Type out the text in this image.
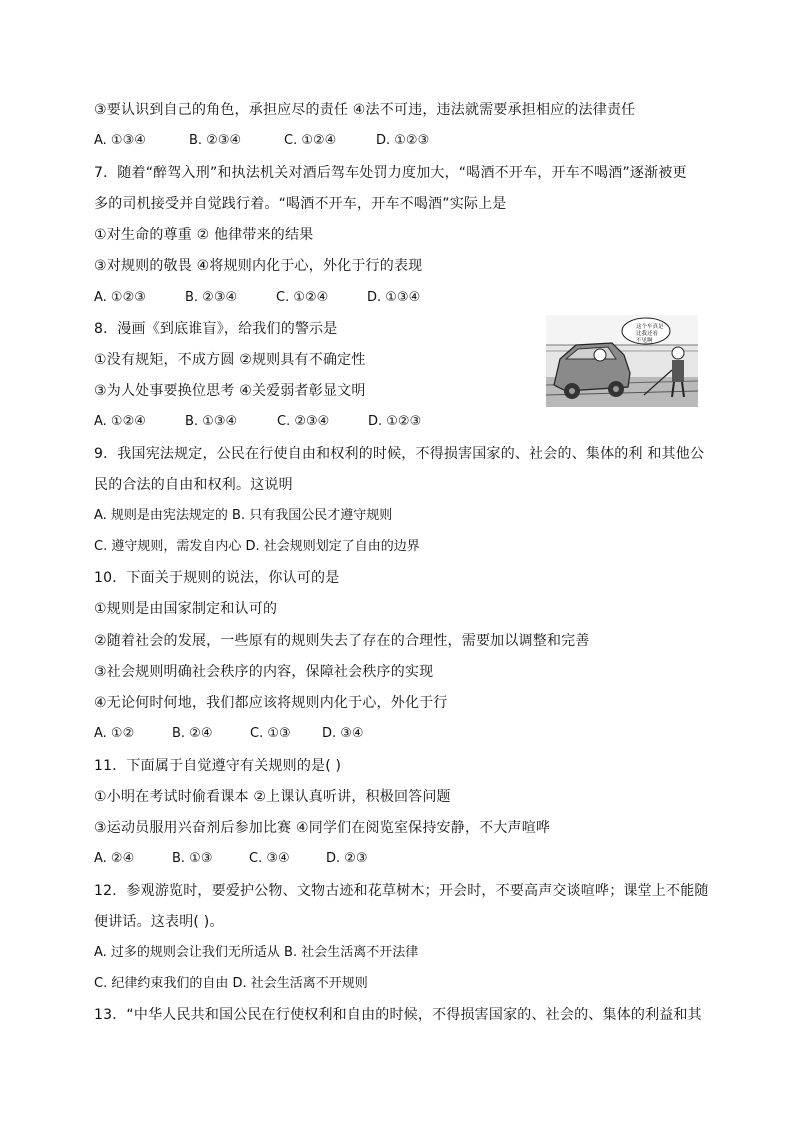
③要认识到自己的角色，承担应尽的责任 ④法不可违，违法就需要承担相应的法律责任
A. ①③④	B. ②③④	C. ①②④	D. ①②③
7．随着“醉驾入刑”和执法机关对酒后驾车处罚力度加大，“喝酒不开车，开车不喝酒”逐渐被更
多的司机接受并自觉践行着。“喝酒不开车，开车不喝酒”实际上是
①对生命的尊重 ② 他律带来的结果
③对规则的敬畏 ④将规则内化于心，外化于行的表现
A. ①②③	B. ②③④	C. ①②④	D. ①③④
8．漫画《到底谁盲》，给我们的警示是
①没有规矩，不成方圆 ②规则具有不确定性
③为人处事要换位思考 ④关爱弱者彰显文明
A. ①②④	B. ①③④	C. ②③④	D. ①②③
这个车真是
比我还看
不见啊
9．我国宪法规定，公民在行使自由和权利的时候，不得损害国家的、社会的、集体的利 和其他公
民的合法的自由和权利。这说明
A. 规则是由宪法规定的 B. 只有我国公民才遵守规则
C. 遵守规则，需发自内心 D. 社会规则划定了自由的边界
10．下面关于规则的说法，你认可的是
①规则是由国家制定和认可的
②随着社会的发展，一些原有的规则失去了存在的合理性，需要加以调整和完善
③社会规则明确社会秩序的内容，保障社会秩序的实现
④无论何时何地，我们都应该将规则内化于心，外化于行
A. ①②	B. ②④	C. ①③ D. ③④
11．下面属于自觉遵守有关规则的是( )
①小明在考试时偷看课本 ②上课认真听讲，积极回答问题
③运动员服用兴奋剂后参加比赛 ④同学们在阅览室保持安静，不大声喧哗
A. ②④	B. ①③	C. ③④	D. ②③
12．参观游览时，要爱护公物、文物古迹和花草树木；开会时，不要高声交谈喧哗；课堂上不能随
便讲话。这表明( )。
A. 过多的规则会让我们无所适从 B. 社会生活离不开法律
C. 纪律约束我们的自由 D. 社会生活离不开规则
13．“中华人民共和国公民在行使权利和自由的时候，不得损害国家的、社会的、集体的利益和其
